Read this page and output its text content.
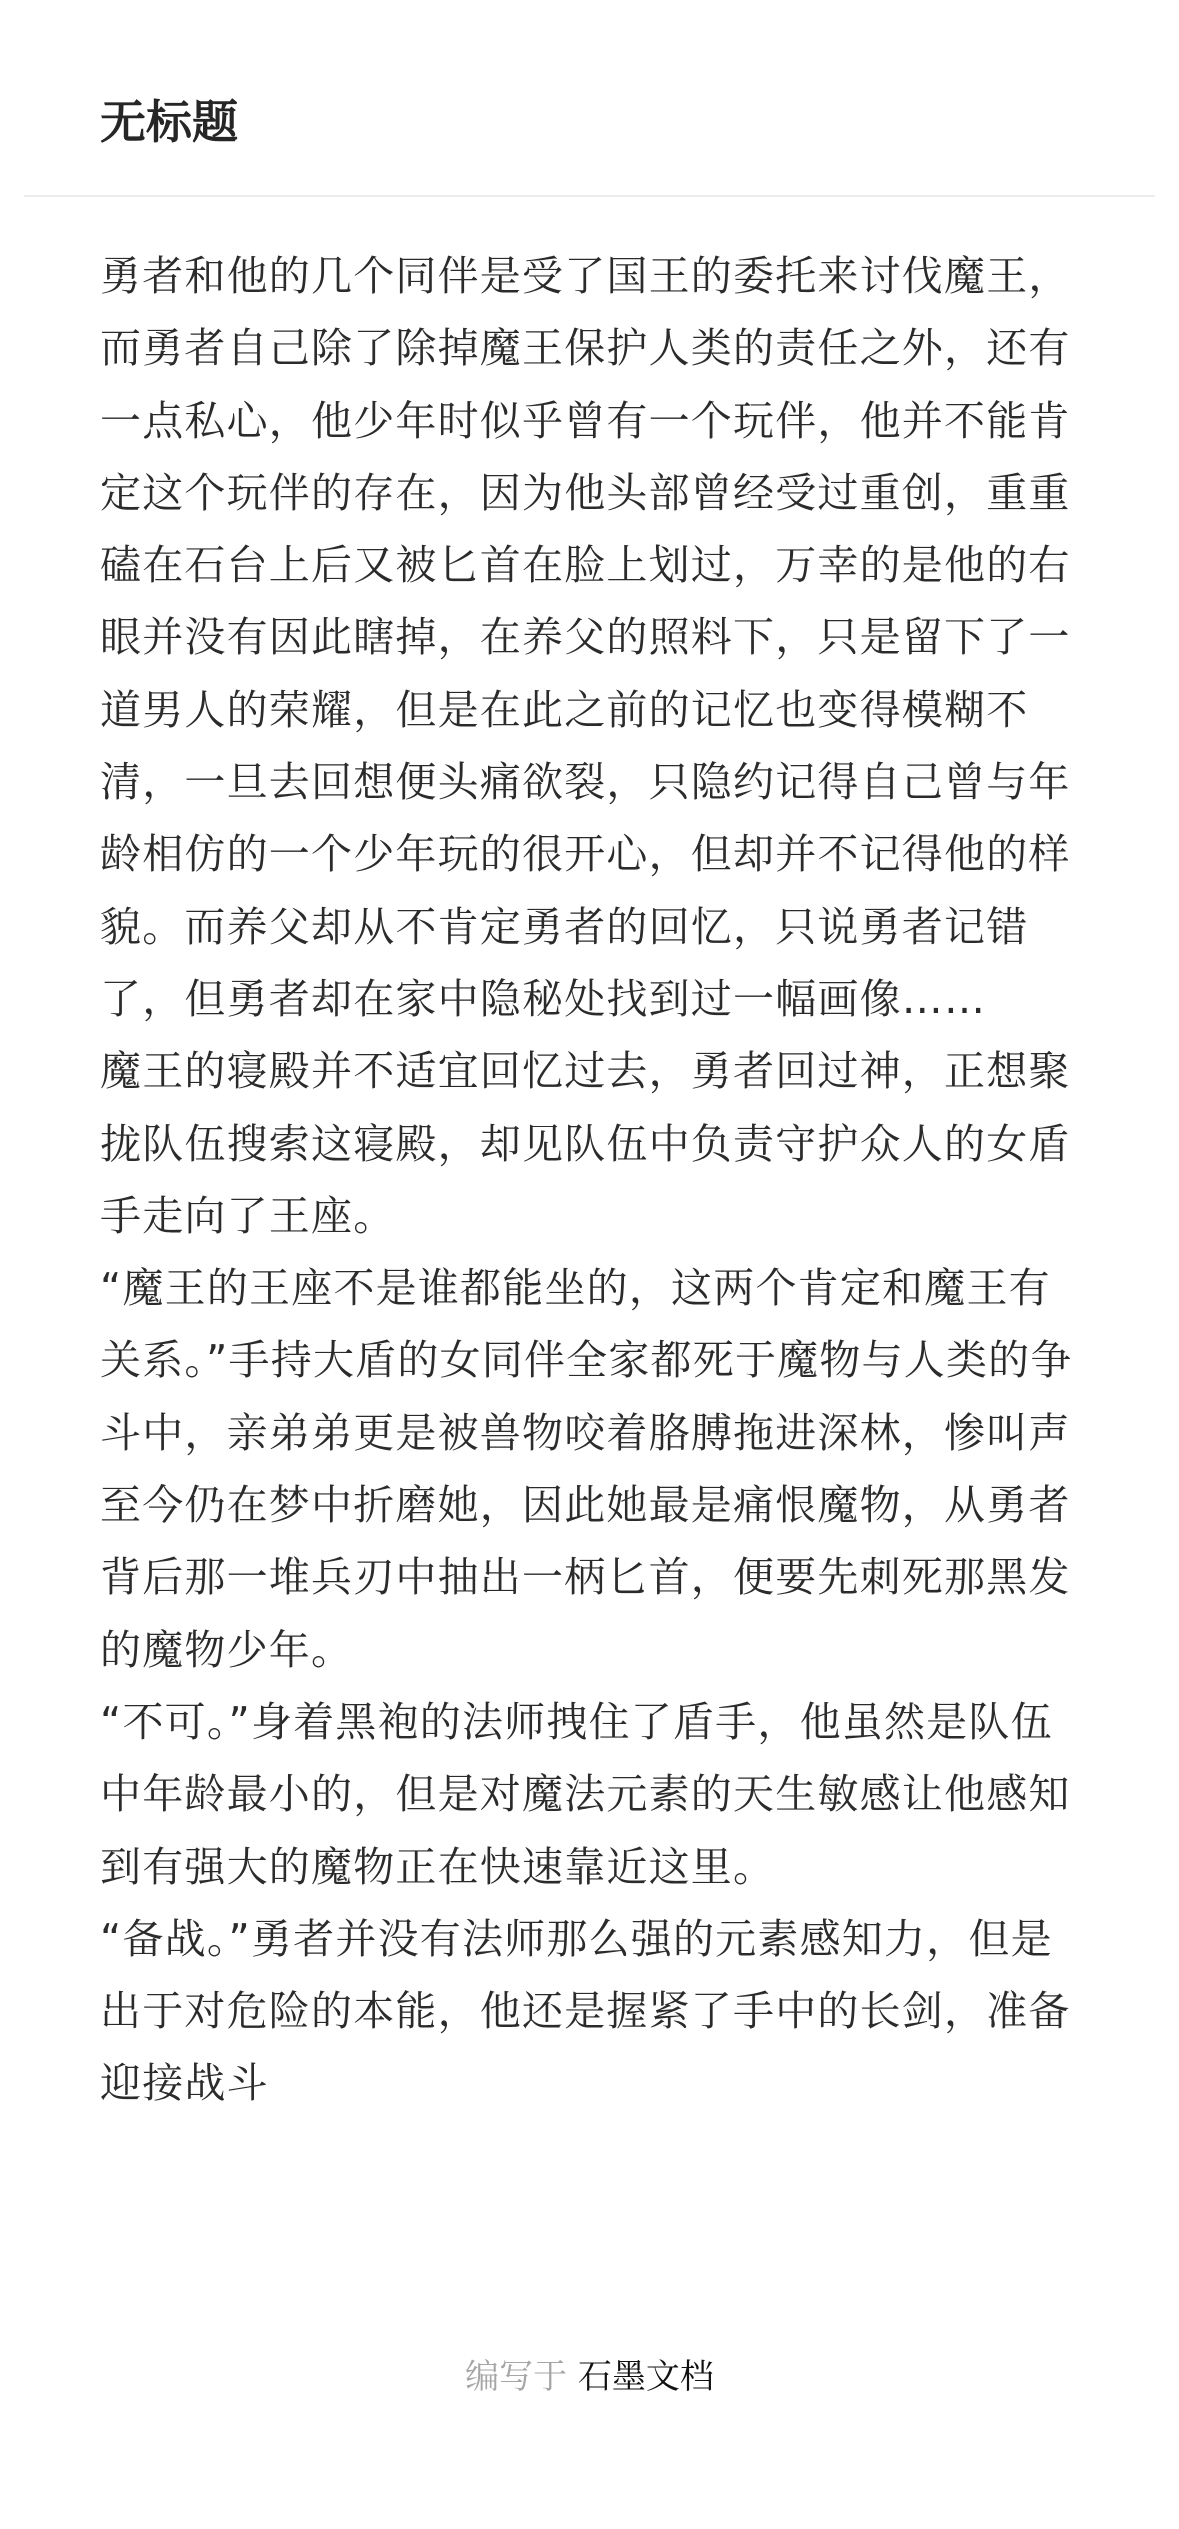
无标题

勇者和他的几个同伴是受了国王的委托来讨伐魔王，而勇者自己除了除掉魔王保护人类的责任之外，还有一点私心，他少年时似乎曾有一个玩伴，他并不能肯定这个玩伴的存在，因为他头部曾经受过重创，重重磕在石台上后又被匕首在脸上划过，万幸的是他的右眼并没有因此瞎掉，在养父的照料下，只是留下了一道男人的荣耀，但是在此之前的记忆也变得模糊不清，一旦去回想便头痛欲裂，只隐约记得自己曾与年龄相仿的一个少年玩的很开心，但却并不记得他的样貌。而养父却从不肯定勇者的回忆，只说勇者记错了，但勇者却在家中隐秘处找到过一幅画像……

魔王的寝殿并不适宜回忆过去，勇者回过神，正想聚拢队伍搜索这寝殿，却见队伍中负责守护众人的女盾手走向了王座。

“魔王的王座不是谁都能坐的，这两个肯定和魔王有关系。”手持大盾的女同伴全家都死于魔物与人类的争斗中，亲弟弟更是被兽物咬着胳膊拖进深林，惨叫声至今仍在梦中折磨她，因此她最是痛恨魔物，从勇者背后那一堆兵刃中抽出一柄匕首，便要先刺死那黑发的魔物少年。

“不可。”身着黑袍的法师拽住了盾手，他虽然是队伍中年龄最小的，但是对魔法元素的天生敏感让他感知到有强大的魔物正在快速靠近这里。

“备战。”勇者并没有法师那么强的元素感知力，但是出于对危险的本能，他还是握紧了手中的长剑，准备迎接战斗

编写于 石墨文档
